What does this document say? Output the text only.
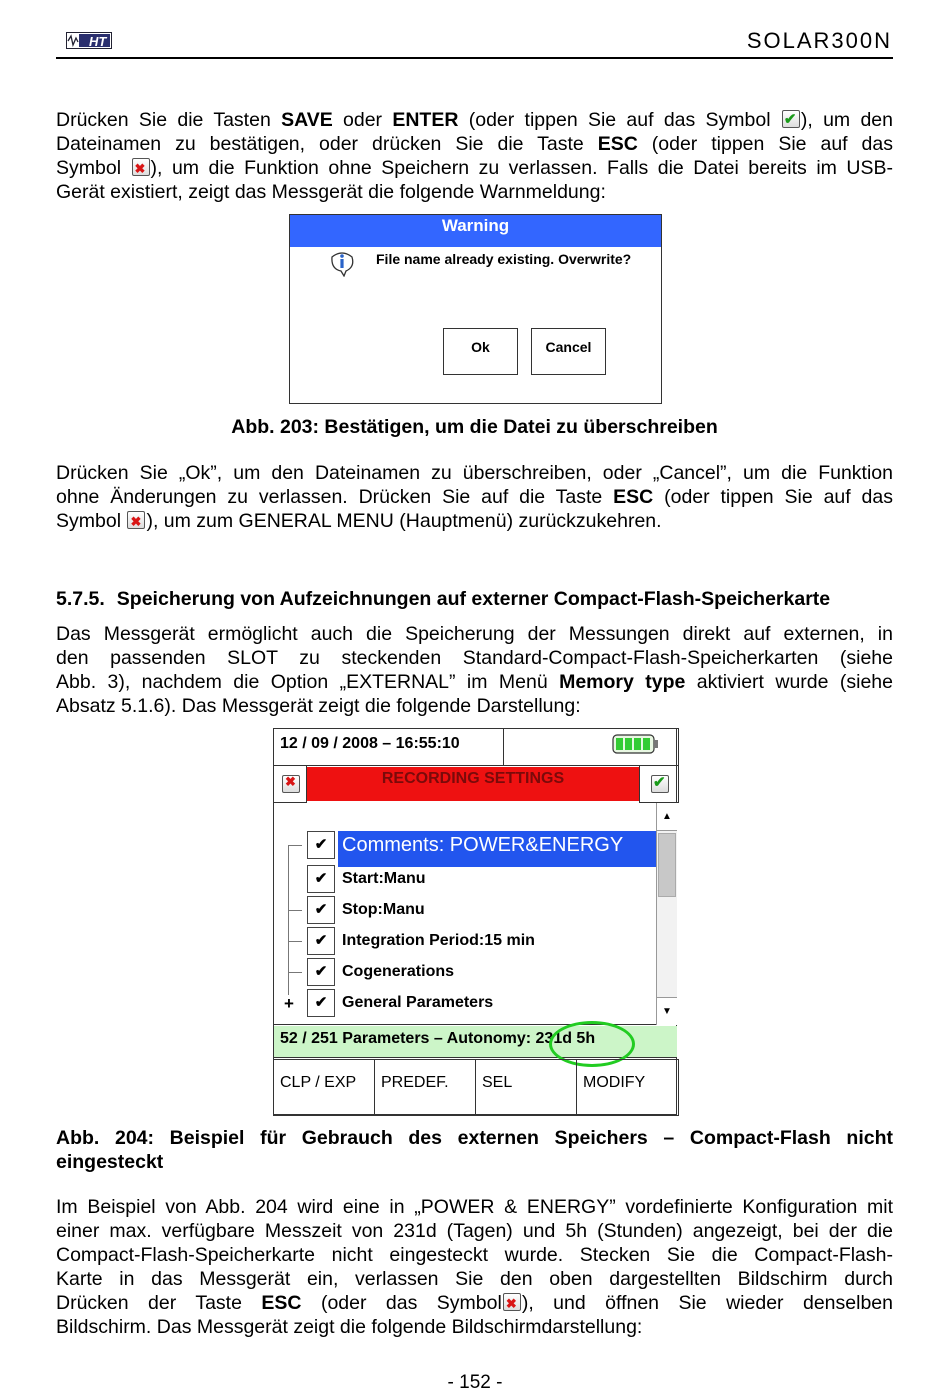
HT	SOLAR300N
Drücken Sie die Tasten SAVE oder ENTER (oder tippen Sie auf das Symbol ✔), um den
Dateinamen zu bestätigen, oder drücken Sie die Taste ESC (oder tippen Sie auf das
Symbol ✖), um die Funktion ohne Speichern zu verlassen. Falls die Datei bereits im USB-
Gerät existiert, zeigt das Messgerät die folgende Warnmeldung:
Warning
File name already existing. Overwrite?
Ok	Cancel
Abb. 203: Bestätigen, um die Datei zu überschreiben
Drücken Sie „Ok”, um den Dateinamen zu überschreiben, oder „Cancel”, um die Funktion
ohne Änderungen zu verlassen. Drücken Sie auf die Taste ESC (oder tippen Sie auf das
Symbol ✖), um zum GENERAL MENU (Hauptmenü) zurückzukehren.
5.7.5. Speicherung von Aufzeichnungen auf externer Compact-Flash-Speicherkarte
Das Messgerät ermöglicht auch die Speicherung der Messungen direkt auf externen, in
den passenden SLOT zu steckenden Standard-Compact-Flash-Speicherkarten (siehe
Abb. 3), nachdem die Option „EXTERNAL” im Menü Memory type aktiviert wurde (siehe
Absatz 5.1.6). Das Messgerät zeigt die folgende Darstellung:
12 / 09 / 2008 – 16:55:10
✖
RECORDING SETTINGS
✔
+
✔ Comments: POWER&ENERGY
✔ Start:Manu
✔ Stop:Manu
✔ Integration Period:15 min
✔ Cogenerations
✔ General Parameters
▲
▼
52 / 251 Parameters – Autonomy: 231d 5h
CLP / EXP	PREDEF.	SEL	MODIFY
Abb. 204: Beispiel für Gebrauch des externen Speichers – Compact-Flash nicht
eingesteckt
Im Beispiel von Abb. 204 wird eine in „POWER & ENERGY” vordefinierte Konfiguration mit
einer max. verfügbare Messzeit von 231d (Tagen) und 5h (Stunden) angezeigt, bei der die
Compact-Flash-Speicherkarte nicht eingesteckt wurde. Stecken Sie die Compact-Flash-
Karte in das Messgerät ein, verlassen Sie den oben dargestellten Bildschirm durch
Drücken der Taste ESC (oder das Symbol✖ ), und öffnen Sie wieder denselben
Bildschirm. Das Messgerät zeigt die folgende Bildschirmdarstellung:
- 152 -
